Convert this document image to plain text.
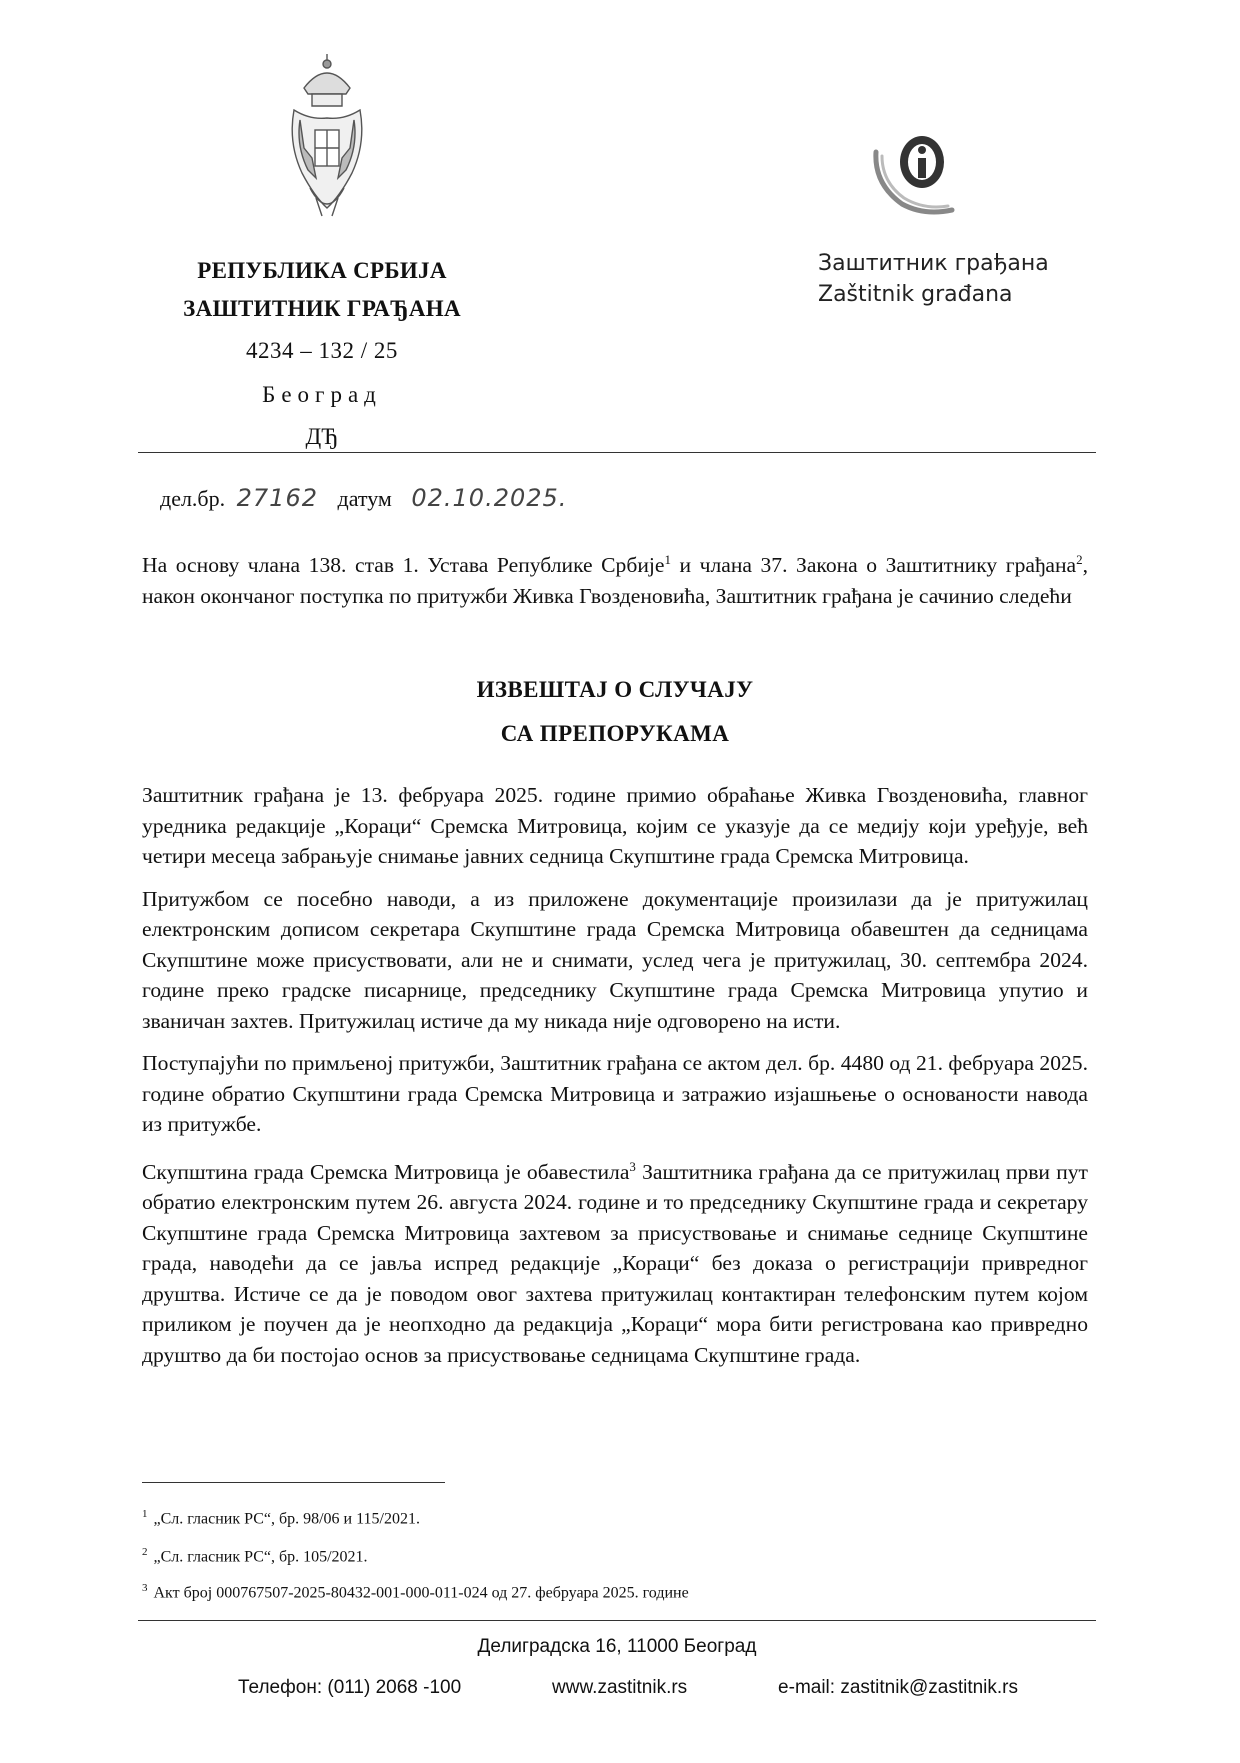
РЕПУБЛИКА СРБИЈА
ЗАШТИТНИК ГРАЂАНА
4234 – 132 / 25
Београд
ДЂ
Заштитник грађана
Zaštitnik građana
дел.бр. 27162 датум 02.10.2025.

На основу члана 138. став 1. Устава Републике Србије$^1$ и члана 37. Закона о Заштитнику грађана$^2$, након окончаног поступка по притужби Живка Гвозденовића, Заштитник грађана је сачинио следећи

ИЗВЕШТАЈ О СЛУЧАЈУ
СА ПРЕПОРУКАМА

Заштитник грађана је 13. фебруара 2025. године примио обраћање Живка Гвозденовића, главног уредника редакције „Кораци“ Сремска Митровица, којим се указује да се медију који уређује, већ четири месеца забрањује снимање јавних седница Скупштине града Сремска Митровица.

Притужбом се посебно наводи, а из приложене документације произилази да је притужилац електронским дописом секретара Скупштине града Сремска Митровица обавештен да седницама Скупштине може присуствовати, али не и снимати, услед чега је притужилац, 30. септембра 2024. године преко градске писарнице, председнику Скупштине града Сремска Митровица упутио и званичан захтев. Притужилац истиче да му никада није одговорено на исти.

Поступајући по примљеној притужби, Заштитник грађана се актом дел. бр. 4480 од 21. фебруара 2025. године обратио Скупштини града Сремска Митровица и затражио изјашњење о основаности навода из притужбе.

Скупштина града Сремска Митровица је обавестила$^3$ Заштитника грађана да се притужилац први пут обратио електронским путем 26. августа 2024. године и то председнику Скупштине града и секретару Скупштине града Сремска Митровица захтевом за присуствовање и снимање седнице Скупштине града, наводећи да се јавља испред редакције „Кораци“ без доказа о регистрацији привредног друштва. Истиче се да је поводом овог захтева притужилац контактиран телефонским путем којом приликом је поучен да је неопходно да редакција „Кораци“ мора бити регистрована као привредно друштво да би постојао основ за присуствовање седницама Скупштине града.

$^1$ „Сл. гласник РС“, бр. 98/06 и 115/2021.
$^2$ „Сл. гласник РС“, бр. 105/2021.
$^3$ Акт број 000767507-2025-80432-001-000-011-024 од 27. фебруара 2025. године
Делиградска 16, 11000 Београд
Телефон: (011) 2068 -100	www.zastitnik.rs	e-mail: zastitnik@zastitnik.rs
